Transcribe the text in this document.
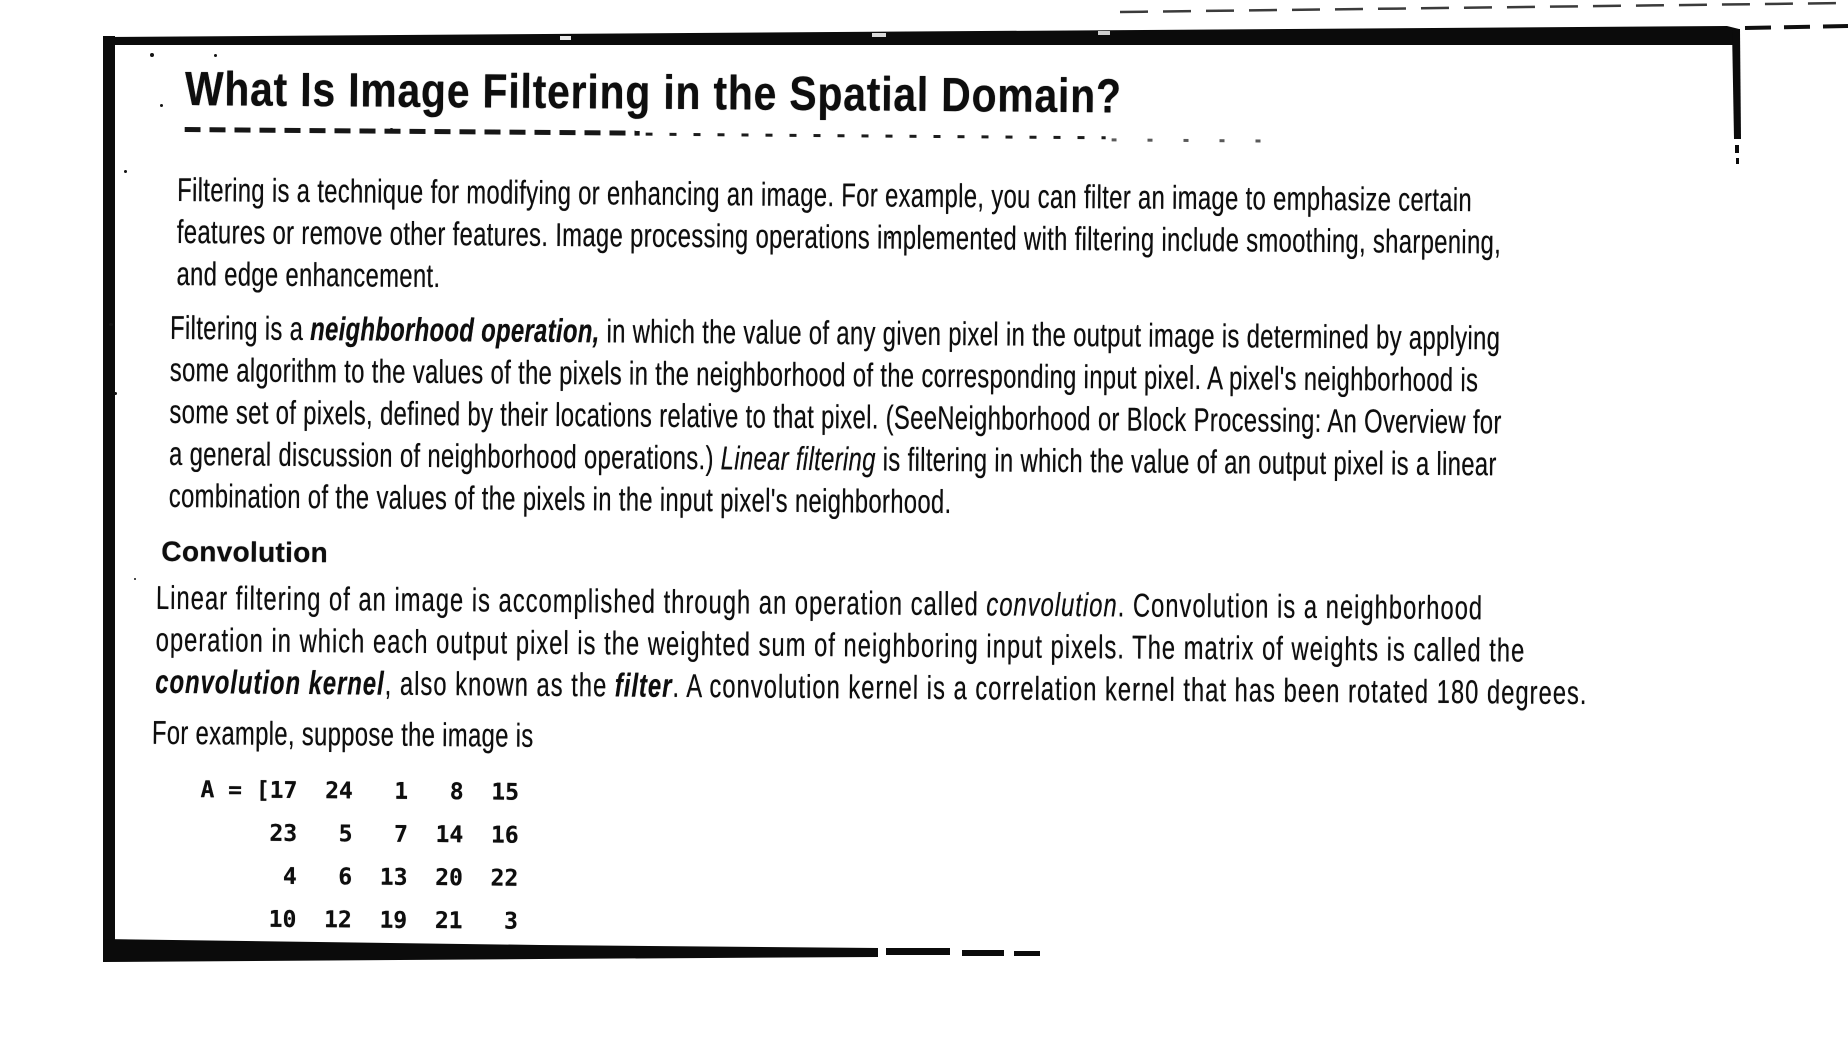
What Is Image Filtering in the Spatial Domain?
Filtering is a technique for modifying or enhancing an image. For example, you can filter an image to emphasize certain
features or remove other features. Image processing operations implemented with filtering include smoothing, sharpening,
and edge enhancement.
Filtering is a neighborhood operation, in which the value of any given pixel in the output image is determined by applying
some algorithm to the values of the pixels in the neighborhood of the corresponding input pixel. A pixel's neighborhood is
some set of pixels, defined by their locations relative to that pixel. (SeeNeighborhood or Block Processing: An Overview for
a general discussion of neighborhood operations.) Linear filtering is filtering in which the value of an output pixel is a linear
combination of the values of the pixels in the input pixel's neighborhood.
Convolution
Linear filtering of an image is accomplished through an operation called convolution. Convolution is a neighborhood
operation in which each output pixel is the weighted sum of neighboring input pixels. The matrix of weights is called the
convolution kernel, also known as the filter. A convolution kernel is a correlation kernel that has been rotated 180 degrees.
For example, suppose the image is
A = [17  24   1   8  15
23   5   7  14  16
4   6  13  20  22
10  12  19  21   3
